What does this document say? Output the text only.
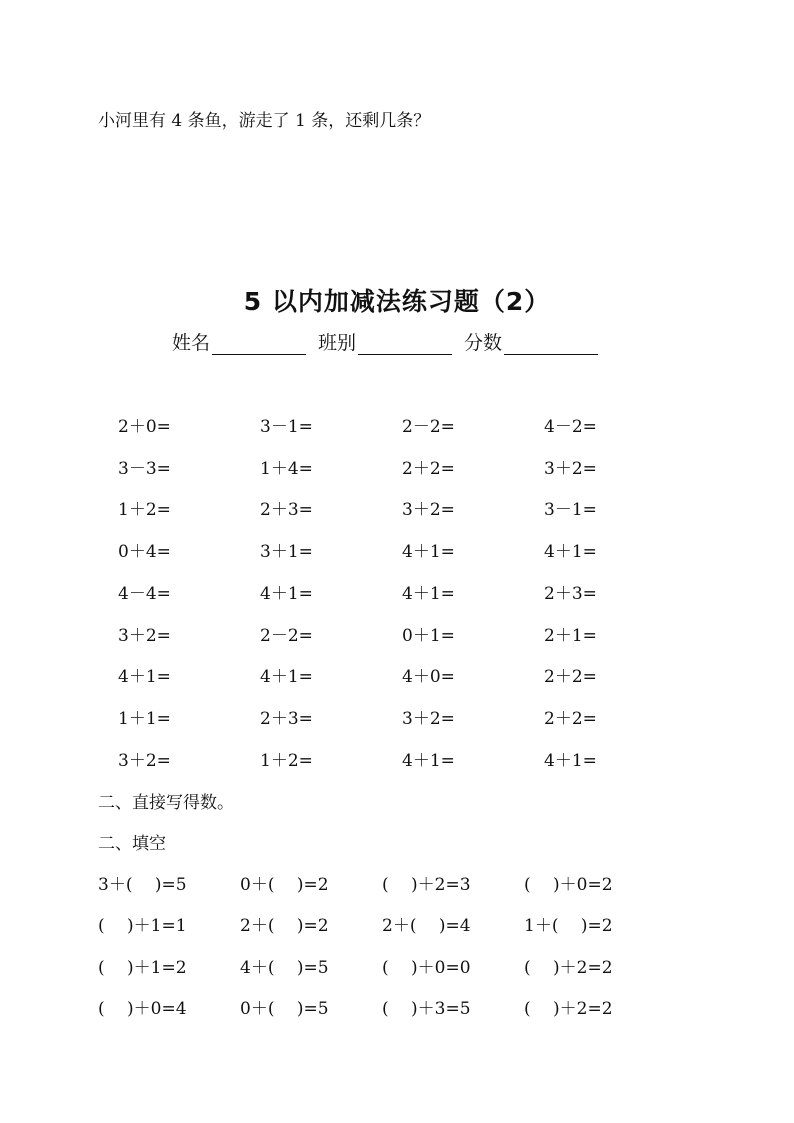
小河里有 4 条鱼，游走了 1 条，还剩几条？
5 以内加减法练习题（2）
姓名	班别	分数
2＋0=	3－1=	2－2=	4－2=
3－3=	1＋4=	2＋2=	3＋2=
1＋2=	2＋3=	3＋2=	3－1=
0＋4=	3＋1=	4＋1=	4＋1=
4－4=	4＋1=	4＋1=	2＋3=
3＋2=	2－2=	0＋1=	2＋1=
4＋1=	4＋1=	4＋0=	2＋2=
1＋1=	2＋3=	3＋2=	2＋2=
3＋2=	1＋2=	4＋1=	4＋1=
二、直接写得数。
二、填空
3＋(　 )=5	0＋(　 )=2	(　 )＋2=3	(　 )＋0=2
(　 )＋1=1	2＋(　 )=2	2＋(　 )=4	1＋(　 )=2
(　 )＋1=2	4＋(　 )=5	(　 )＋0=0	(　 )＋2=2
(　 )＋0=4	0＋(　 )=5	(　 )＋3=5	(　 )＋2=2
